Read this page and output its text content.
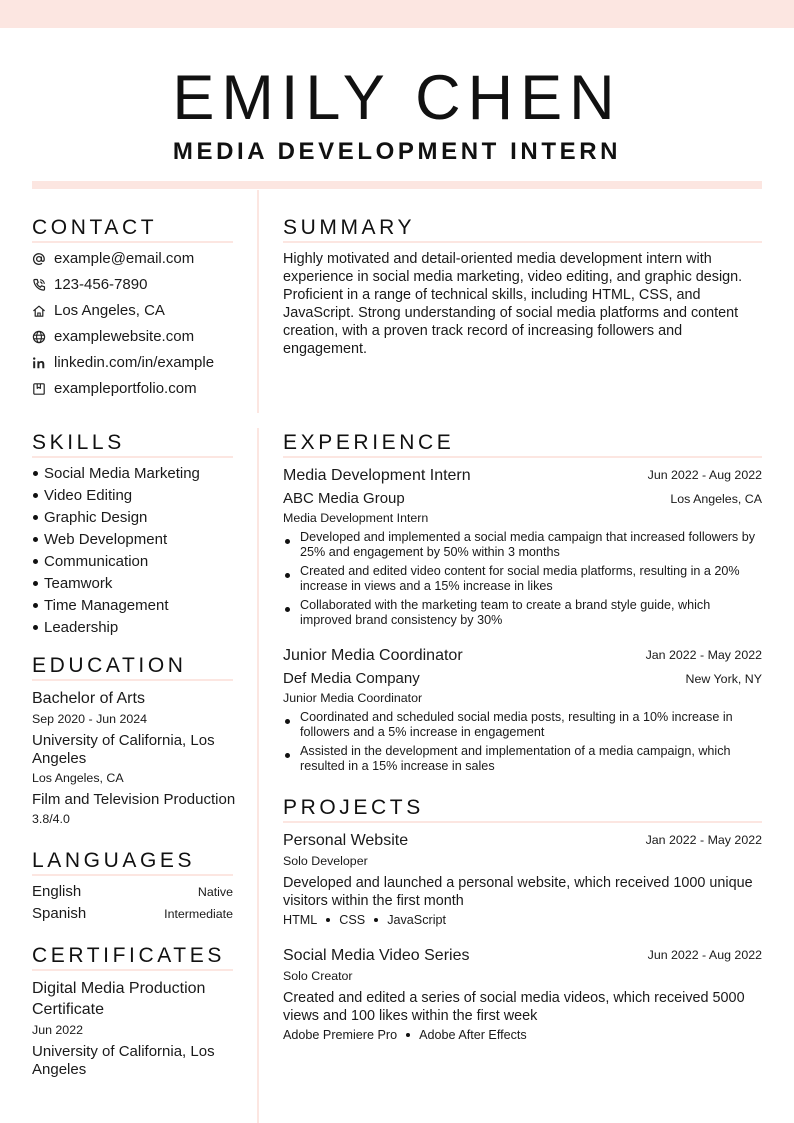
EMILY CHEN
MEDIA DEVELOPMENT INTERN
CONTACT
example@email.com
123-456-7890
Los Angeles, CA
examplewebsite.com
linkedin.com/in/example
exampleportfolio.com
SKILLS
Social Media Marketing
Video Editing
Graphic Design
Web Development
Communication
Teamwork
Time Management
Leadership
EDUCATION
Bachelor of Arts
Sep 2020 - Jun 2024
University of California, Los Angeles
Los Angeles, CA
Film and Television Production
3.8/4.0
LANGUAGES
English	Native
Spanish	Intermediate
CERTIFICATES
Digital Media Production Certificate
Jun 2022
University of California, Los Angeles
SUMMARY
Highly motivated and detail-oriented media development intern with experience in social media marketing, video editing, and graphic design. Proficient in a range of technical skills, including HTML, CSS, and JavaScript. Strong understanding of social media platforms and content creation, with a proven track record of increasing followers and engagement.
EXPERIENCE
Media Development Intern	Jun 2022 - Aug 2022
ABC Media Group	Los Angeles, CA
Media Development Intern
Developed and implemented a social media campaign that increased followers by 25% and engagement by 50% within 3 months
Created and edited video content for social media platforms, resulting in a 20% increase in views and a 15% increase in likes
Collaborated with the marketing team to create a brand style guide, which improved brand consistency by 30%
Junior Media Coordinator	Jan 2022 - May 2022
Def Media Company	New York, NY
Junior Media Coordinator
Coordinated and scheduled social media posts, resulting in a 10% increase in followers and a 5% increase in engagement
Assisted in the development and implementation of a media campaign, which resulted in a 15% increase in sales
PROJECTS
Personal Website	Jan 2022 - May 2022
Solo Developer
Developed and launched a personal website, which received 1000 unique visitors within the first month
HTML CSS JavaScript
Social Media Video Series	Jun 2022 - Aug 2022
Solo Creator
Created and edited a series of social media videos, which received 5000 views and 100 likes within the first week
Adobe Premiere Pro Adobe After Effects
